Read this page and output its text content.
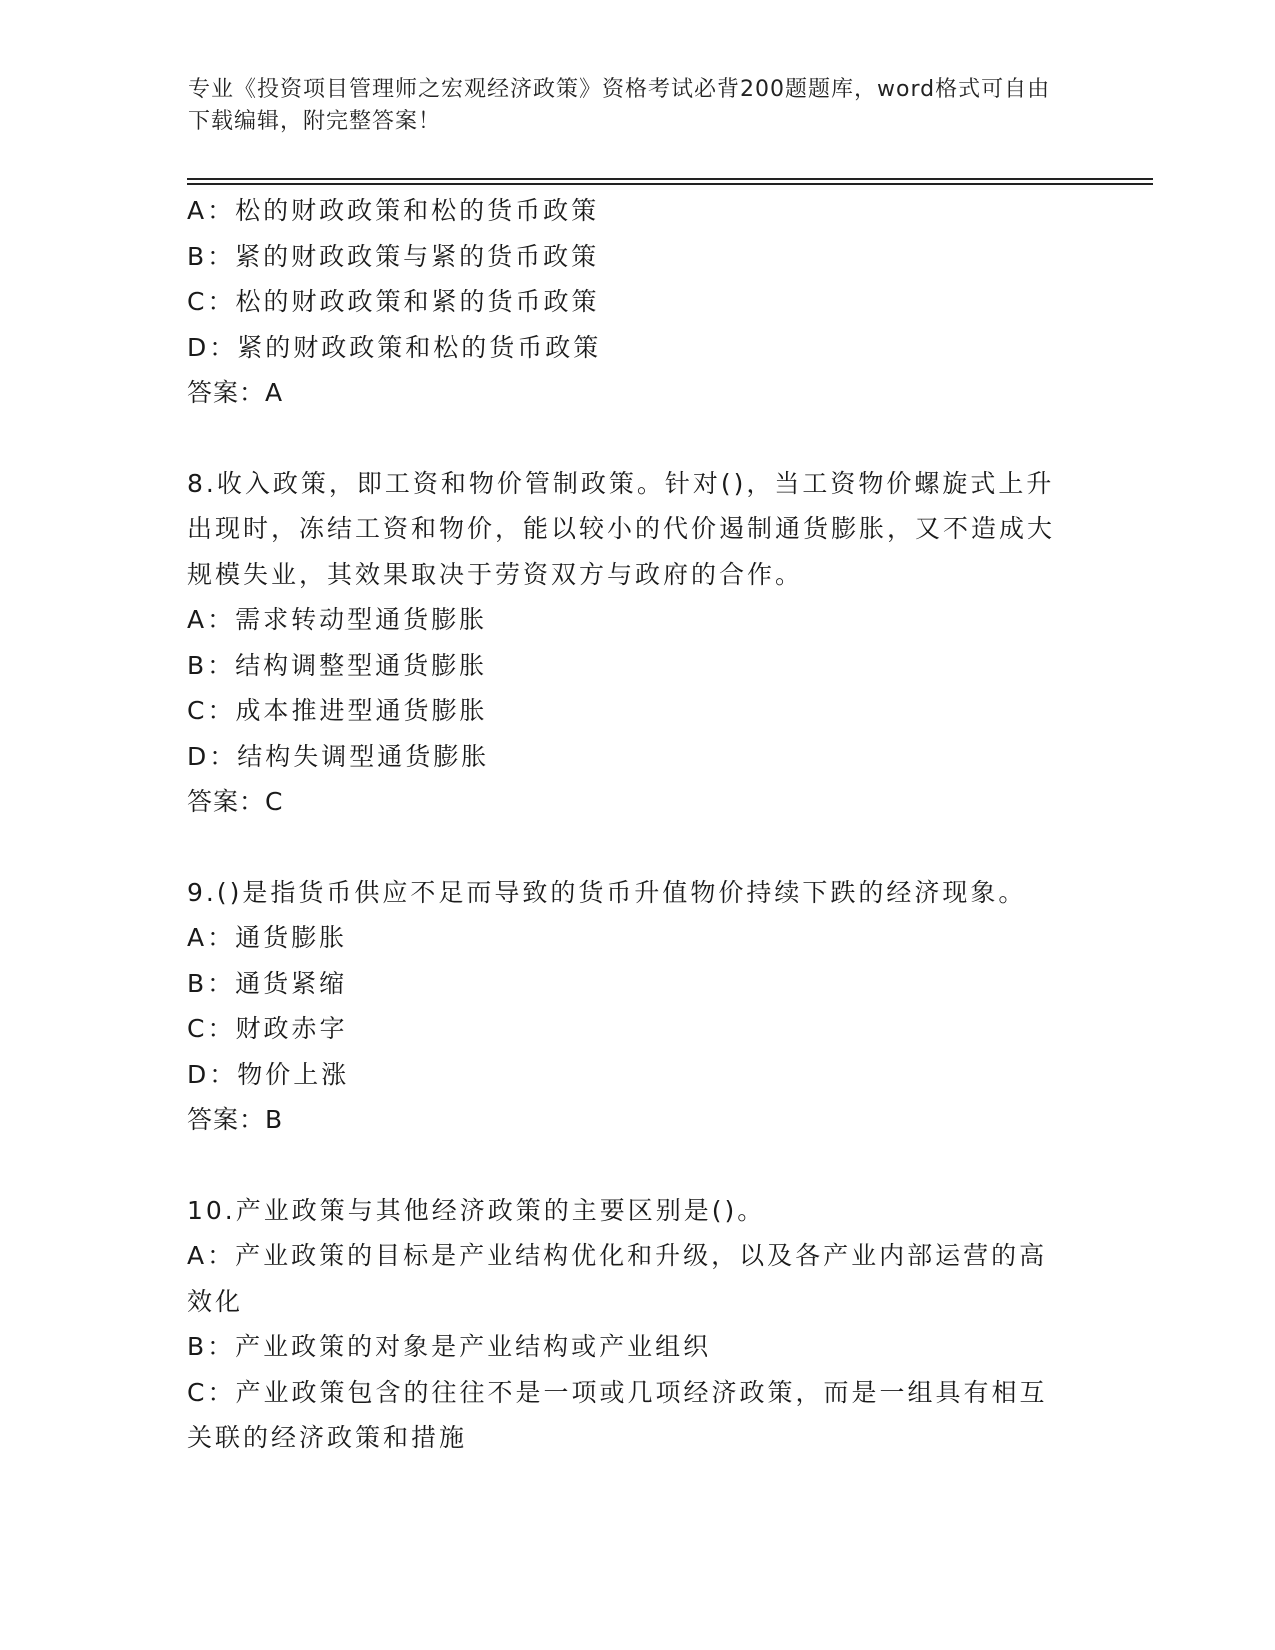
专业《投资项目管理师之宏观经济政策》资格考试必背200题题库，word格式可自由下载编辑，附完整答案！
A：松的财政政策和松的货币政策
B：紧的财政政策与紧的货币政策
C：松的财政政策和紧的货币政策
D：紧的财政政策和松的货币政策
答案：A
8.收入政策，即工资和物价管制政策。针对()，当工资物价螺旋式上升出现时，冻结工资和物价，能以较小的代价遏制通货膨胀，又不造成大规模失业，其效果取决于劳资双方与政府的合作。
A：需求转动型通货膨胀
B：结构调整型通货膨胀
C：成本推进型通货膨胀
D：结构失调型通货膨胀
答案：C
9.()是指货币供应不足而导致的货币升值物价持续下跌的经济现象。
A：通货膨胀
B：通货紧缩
C：财政赤字
D：物价上涨
答案：B
10.产业政策与其他经济政策的主要区别是()。
A：产业政策的目标是产业结构优化和升级，以及各产业内部运营的高效化
B：产业政策的对象是产业结构或产业组织
C：产业政策包含的往往不是一项或几项经济政策，而是一组具有相互关联的经济政策和措施
